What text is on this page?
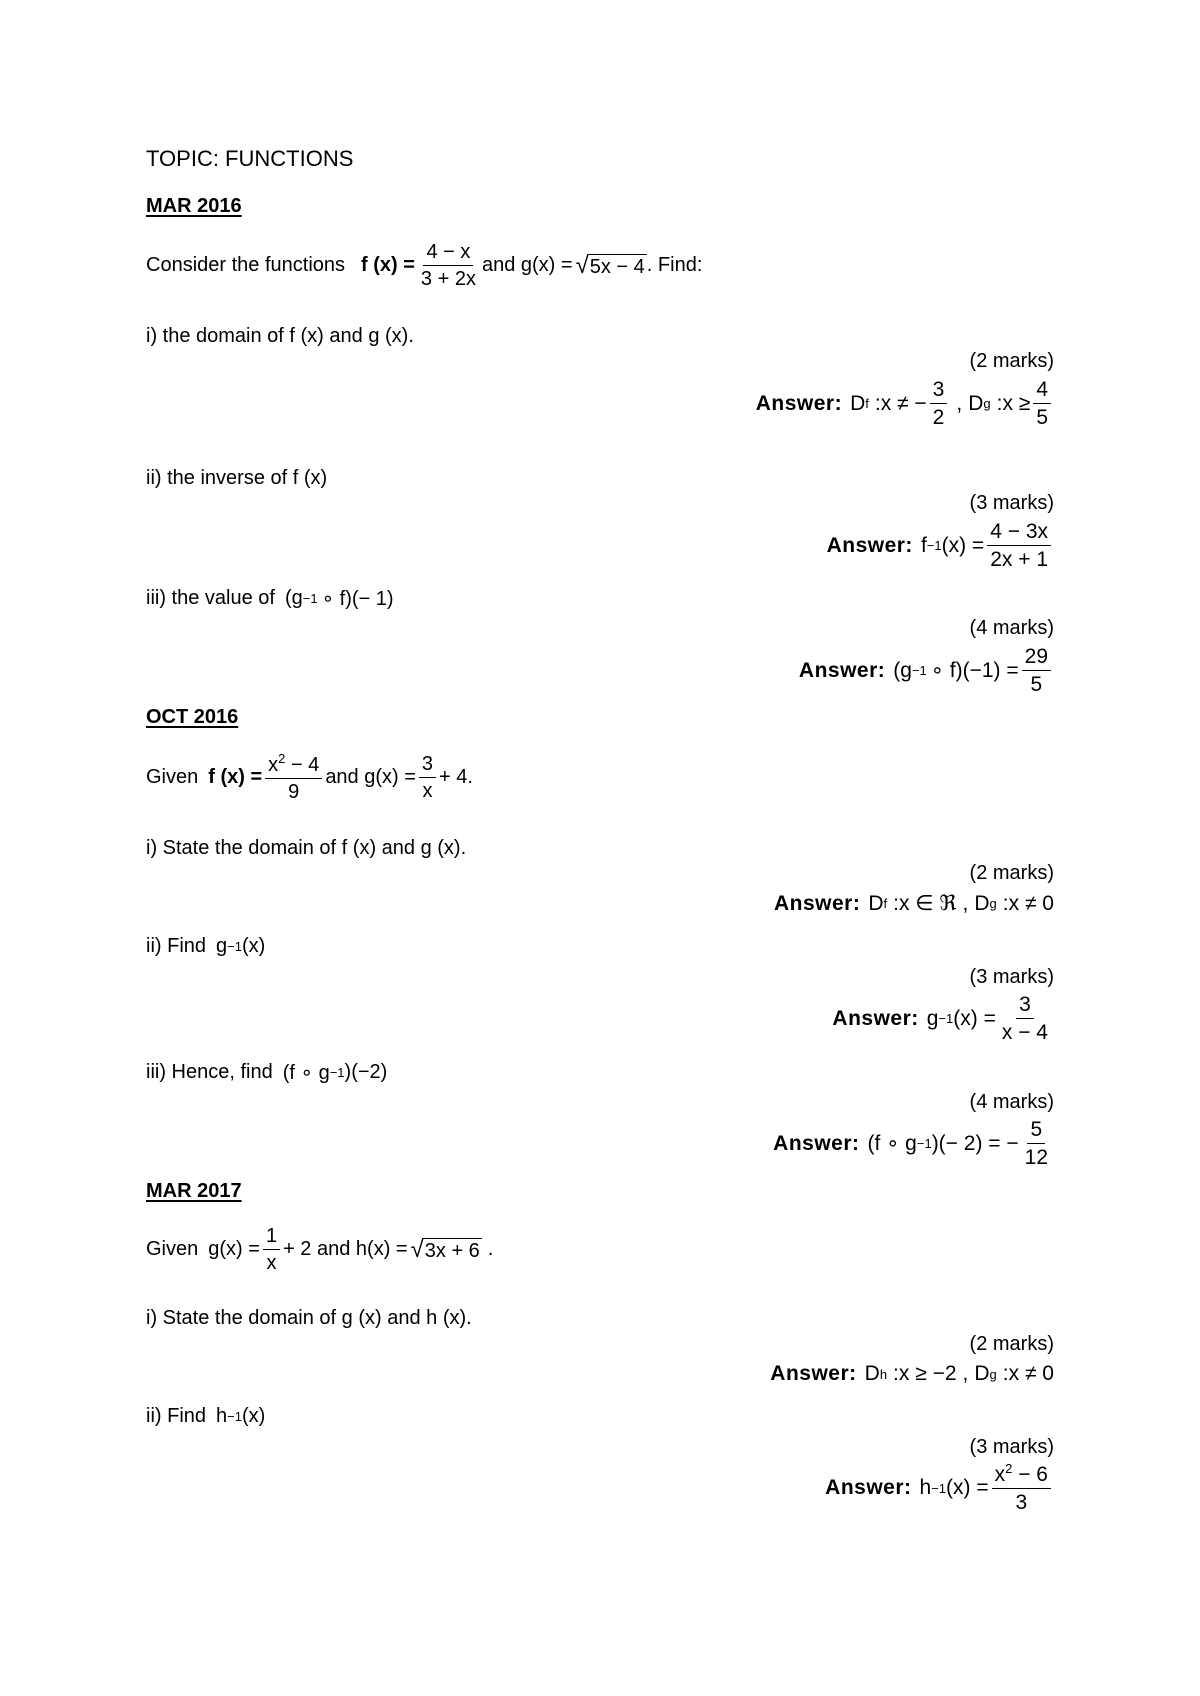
TOPIC: FUNCTIONS
MAR 2016
Consider the functions f $(x) = \frac{4 - x}{3 + 2x}$ and g(x) = √ 5x − 4 . Find:
i) the domain of f (x) and g (x).
(2 marks)
Answer: D f :x ≠ − $\frac{3}{2}$ , D g :x ≥ $\frac{4}{5}$
ii) the inverse of f (x)
(3 marks)
Answer: f −1 $(x) = \frac{4 - 3x}{2x + 1}$
iii) the value of (g −1 ∘ f)(− 1)
(4 marks)
Answer: (g −1 ∘ $f)(-1) = \frac{29}{5}$
OCT 2016
Given f $(x) = \frac{x^2 - 4}{9}$ and $g(x) = \frac{3}{x} + 4$.
i) State the domain of f (x) and g (x).
(2 marks)
Answer: D f :x ∈ ℜ , D g :x ≠ 0
ii) Find g −1 (x)
(3 marks)
Answer: g −1 $(x) = \frac{3}{x - 4}$
iii) Hence, find (f ∘ g −1 )(−2)
(4 marks)
Answer: (f ∘ g −1 )(− 2) = − $\frac{5}{12}$
MAR 2017
Given $g(x) = \frac{1}{x} + 2$ and h(x) = √ 3x + 6 .
i) State the domain of g (x) and h (x).
(2 marks)
Answer: D h :x ≥ −2 , D g :x ≠ 0
ii) Find h −1 (x)
(3 marks)
Answer: h −1 $(x) = \frac{x^2 - 6}{3}$
